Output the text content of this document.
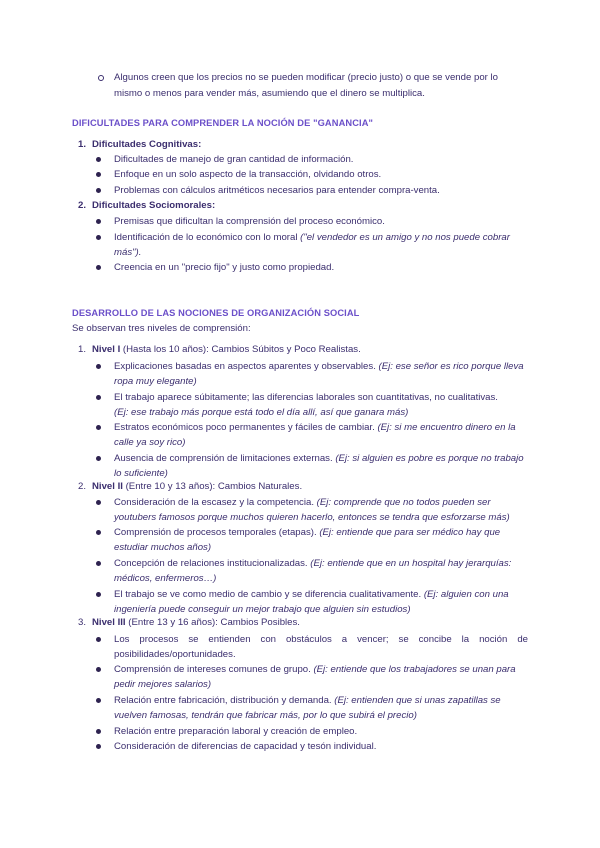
Algunos creen que los precios no se pueden modificar (precio justo) o que se vende por lo
mismo o menos para vender más, asumiendo que el dinero se multiplica.
DIFICULTADES PARA COMPRENDER LA NOCIÓN DE "GANANCIA"
1. Dificultades Cognitivas:
Dificultades de manejo de gran cantidad de información.
Enfoque en un solo aspecto de la transacción, olvidando otros.
Problemas con cálculos aritméticos necesarios para entender compra-venta.
2. Dificultades Sociomorales:
Premisas que dificultan la comprensión del proceso económico.
Identificación de lo económico con lo moral ("el vendedor es un amigo y no nos puede cobrar
más").
Creencia en un "precio fijo" y justo como propiedad.
DESARROLLO DE LAS NOCIONES DE ORGANIZACIÓN SOCIAL
Se observan tres niveles de comprensión:
1. Nivel I (Hasta los 10 años): Cambios Súbitos y Poco Realistas.
Explicaciones basadas en aspectos aparentes y observables. (Ej: ese señor es rico porque lleva
ropa muy elegante)
El trabajo aparece súbitamente; las diferencias laborales son cuantitativas, no cualitativas.
(Ej: ese trabajo más porque está todo el día allí, así que ganara más)
Estratos económicos poco permanentes y fáciles de cambiar. (Ej: si me encuentro dinero en la
calle ya soy rico)
Ausencia de comprensión de limitaciones externas. (Ej: si alguien es pobre es porque no trabajo
lo suficiente)
2. Nivel II (Entre 10 y 13 años): Cambios Naturales.
Consideración de la escasez y la competencia. (Ej: comprende que no todos pueden ser
youtubers famosos porque muchos quieren hacerlo, entonces se tendra que esforzarse más)
Comprensión de procesos temporales (etapas). (Ej: entiende que para ser médico hay que
estudiar muchos años)
Concepción de relaciones institucionalizadas. (Ej: entiende que en un hospital hay jerarquías:
médicos, enfermeros…)
El trabajo se ve como medio de cambio y se diferencia cualitativamente. (Ej: alguien con una
ingeniería puede conseguir un mejor trabajo que alguien sin estudios)
3. Nivel III (Entre 13 y 16 años): Cambios Posibles.
Los procesos se entienden con obstáculos a vencer; se concibe la noción de
posibilidades/oportunidades.
Comprensión de intereses comunes de grupo. (Ej: entiende que los trabajadores se unan para
pedir mejores salarios)
Relación entre fabricación, distribución y demanda. (Ej: entienden que si unas zapatillas se
vuelven famosas, tendrán que fabricar más, por lo que subirá el precio)
Relación entre preparación laboral y creación de empleo.
Consideración de diferencias de capacidad y tesón individual.
